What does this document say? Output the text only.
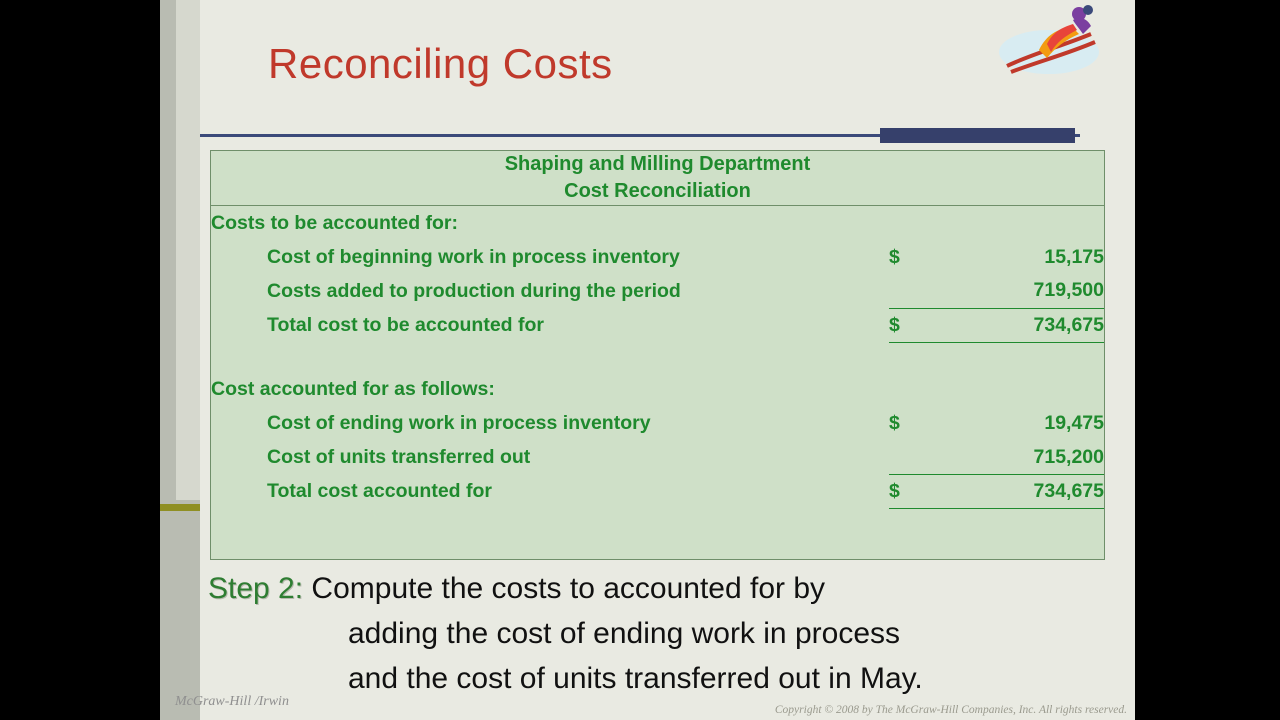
Reconciling Costs
Shaping and Milling Department
Cost Reconciliation		

Costs to be accounted for:		
Cost of beginning work in process inventory	$	15,175
Costs added to production during the period		719,500
Total cost to be accounted for	$	734,675

Cost accounted for as follows:		
Cost of ending work in process inventory	$	19,475
Cost of units transferred out		715,200
Total cost accounted for	$	734,675
Step 2: Compute the costs to accounted for by
adding the cost of ending work in process
and the cost of units transferred out in May.
McGraw-Hill /Irwin
Copyright © 2008 by The McGraw-Hill Companies, Inc. All rights reserved.
